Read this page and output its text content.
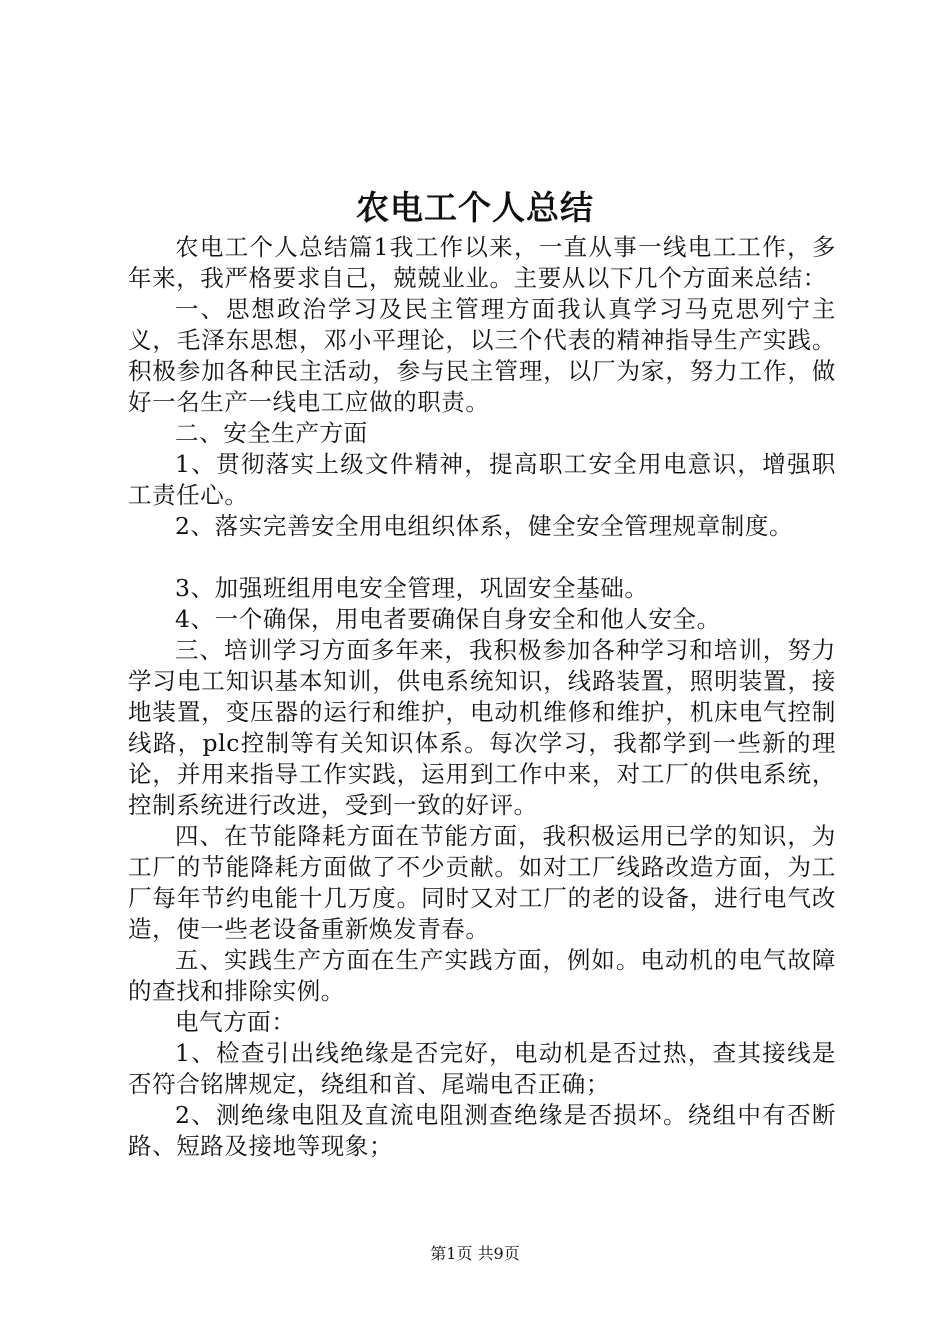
农电工个人总结

农电工个人总结篇1我工作以来，一直从事一线电工工作，多年来，我严格要求自己，兢兢业业。主要从以下几个方面来总结：

一、思想政治学习及民主管理方面我认真学习马克思列宁主义，毛泽东思想，邓小平理论，以三个代表的精神指导生产实践。积极参加各种民主活动，参与民主管理，以厂为家，努力工作，做好一名生产一线电工应做的职责。

二、安全生产方面

1、贯彻落实上级文件精神，提高职工安全用电意识，增强职工责任心。

2、落实完善安全用电组织体系，健全安全管理规章制度。

3、加强班组用电安全管理，巩固安全基础。

4、一个确保，用电者要确保自身安全和他人安全。

三、培训学习方面多年来，我积极参加各种学习和培训，努力学习电工知识基本知训，供电系统知识，线路装置，照明装置，接地装置，变压器的运行和维护，电动机维修和维护，机床电气控制线路，plc控制等有关知识体系。每次学习，我都学到一些新的理论，并用来指导工作实践，运用到工作中来，对工厂的供电系统，控制系统进行改进，受到一致的好评。

四、在节能降耗方面在节能方面，我积极运用已学的知识，为工厂的节能降耗方面做了不少贡献。如对工厂线路改造方面，为工厂每年节约电能十几万度。同时又对工厂的老的设备，进行电气改造，使一些老设备重新焕发青春。

五、实践生产方面在生产实践方面，例如。电动机的电气故障的查找和排除实例。

电气方面：

1、检查引出线绝缘是否完好，电动机是否过热，查其接线是否符合铭牌规定，绕组和首、尾端电否正确；

2、测绝缘电阻及直流电阻测查绝缘是否损坏。绕组中有否断路、短路及接地等现象；

第1页 共9页
